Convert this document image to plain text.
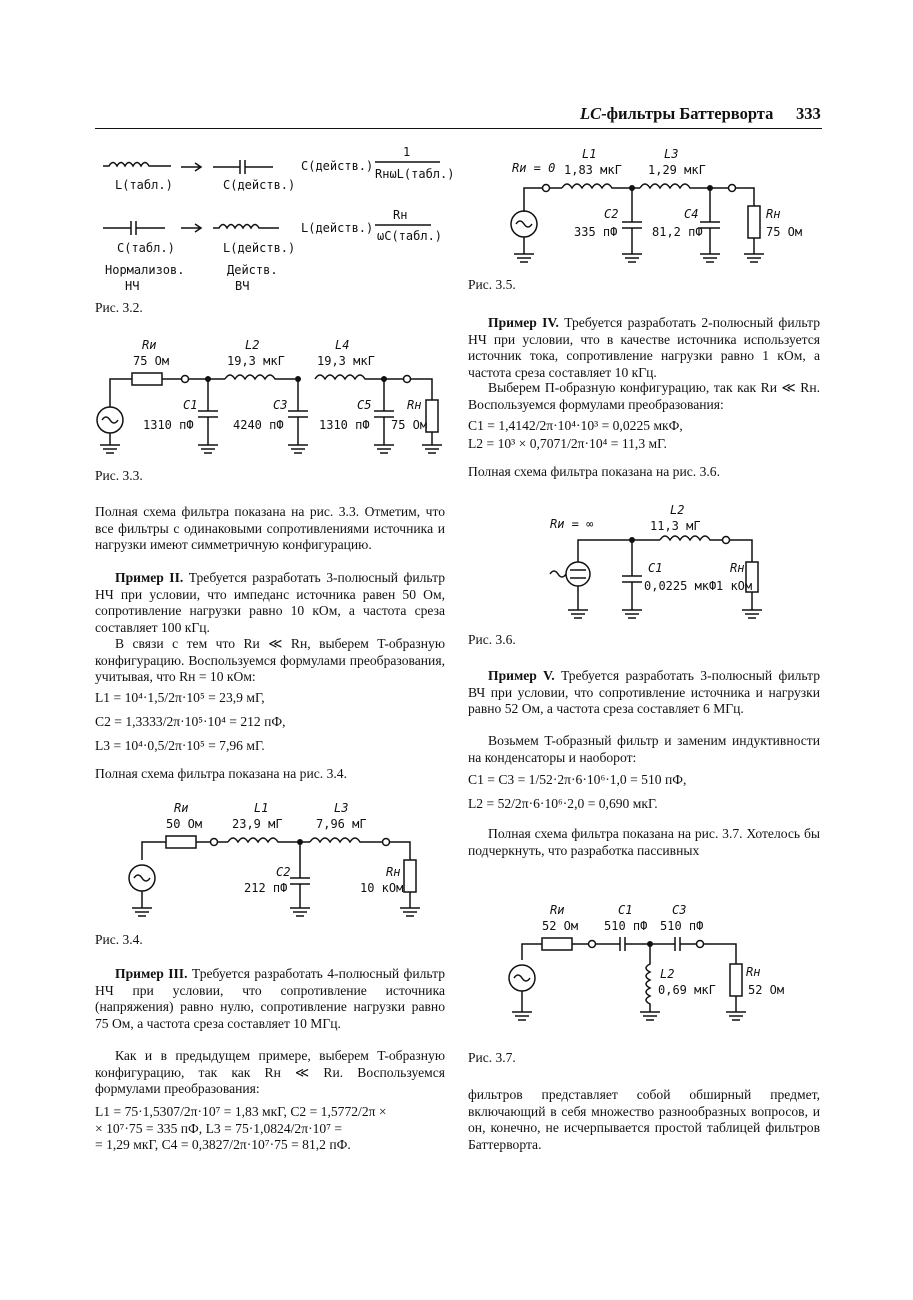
LC-фильтры Баттерворта 333
L(табл.)	C(действ.)
C(действ.)
1
RнωL(табл.)
C(табл.)	L(действ.)
L(действ.)
Rн
ωC(табл.)
Нормализов.
НЧ
Действ.
ВЧ
Рис. 3.2.
Rи
75 Ом
L2
19,3 мкГ
L4
19,3 мкГ
C1
1310 пФ
C3
4240 пФ
C5
1310 пФ
Rн
75 Ом
Рис. 3.3.

Полная схема фильтра показана на рис. 3.3. Отметим, что все фильтры с одинаковыми сопротивлениями источника и нагрузки имеют симметричную конфигурацию.

Пример II. Требуется разработать 3-полюсный фильтр НЧ при условии, что импеданс источника равен 50 Ом, сопротивление нагрузки равно 10 кОм, а частота среза составляет 100 кГц.

В связи с тем что Rи ≪ Rн, выберем T-образную конфигурацию. Воспользуемся формулами преобразования, учитывая, что Rн = 10 кОм:

L1 = 10⁴·1,5/2π·10⁵ = 23,9 мГ,
C2 = 1,3333/2π·10⁵·10⁴ = 212 пФ,
L3 = 10⁴·0,5/2π·10⁵ = 7,96 мГ.

Полная схема фильтра показана на рис. 3.4.

Rи
50 Ом
L1
23,9 мГ
L3
7,96 мГ
C2
212 пФ
Rн
10 кОм
Рис. 3.4.

Пример III. Требуется разработать 4-полюсный фильтр НЧ при условии, что сопротивление источника (напряжения) равно нулю, сопротивление нагрузки равно 75 Ом, а частота среза составляет 10 МГц.

Как и в предыдущем примере, выберем T-образную конфигурацию, так как Rн ≪ Rи. Воспользуемся формулами преобразования:

L1 = 75·1,5307/2π·10⁷ = 1,83 мкГ, C2 = 1,5772/2π ×
× 10⁷·75 = 335 пФ, L3 = 75·1,0824/2π·10⁷ =
= 1,29 мкГ, C4 = 0,3827/2π·10⁷·75 = 81,2 пФ.
Rи = 0
L1
1,83 мкГ
L3
1,29 мкГ
C2
335 пФ
C4
81,2 пФ
Rн
75 Ом
Рис. 3.5.

Пример IV. Требуется разработать 2-полюсный фильтр НЧ при условии, что в качестве источника используется источник тока, сопротивление нагрузки равно 1 кОм, а частота среза составляет 10 кГц.

Выберем П-образную конфигурацию, так как Rи ≪ Rн. Воспользуемся формулами преобразования:

C1 = 1,4142/2π·10⁴·10³ = 0,0225 мкФ,
L2 = 10³ × 0,7071/2π·10⁴ = 11,3 мГ.

Полная схема фильтра показана на рис. 3.6.

Rи = ∞
L2
11,3 мГ
C1
0,0225 мкФ
Rн
1 кОм
Рис. 3.6.

Пример V. Требуется разработать 3-полюсный фильтр ВЧ при условии, что сопротивление источника и нагрузки равно 52 Ом, а частота среза составляет 6 МГц.

Возьмем T-образный фильтр и заменим индуктивности на конденсаторы и наоборот:

C1 = C3 = 1/52·2π·6·10⁶·1,0 = 510 пФ,
L2 = 52/2π·6·10⁶·2,0 = 0,690 мкГ.

Полная схема фильтра показана на рис. 3.7. Хотелось бы подчеркнуть, что разработка пассивных

Rи
52 Ом
C1
510 пФ
C3
510 пФ
L2
0,69 мкГ
Rн
52 Ом
Рис. 3.7.

фильтров представляет собой обширный предмет, включающий в себя множество разнообразных вопросов, и он, конечно, не исчерпывается простой таблицей фильтров Баттерворта.
